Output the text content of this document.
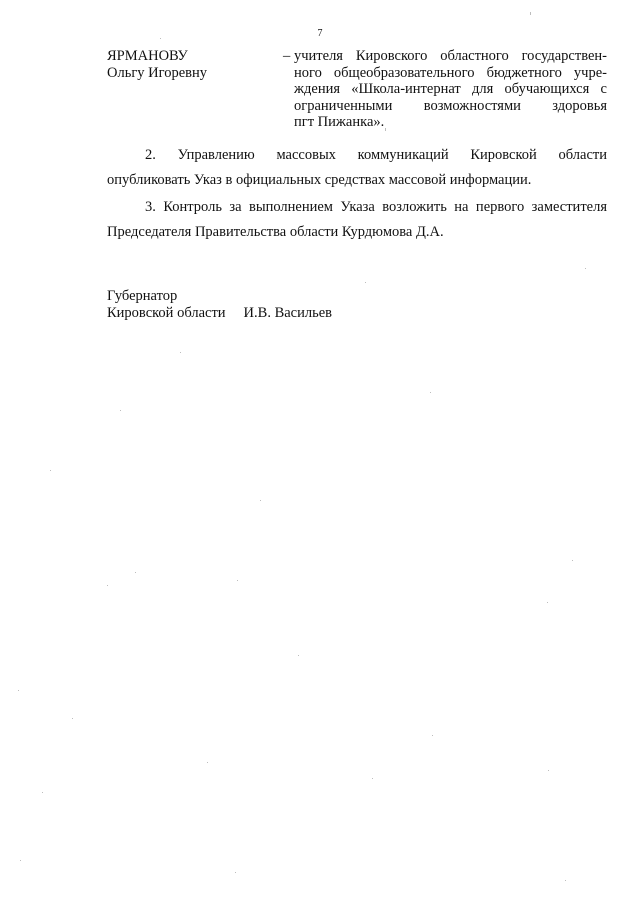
7
ЯРМАНОВУ
Ольгу Игоревну
– учителя Кировского областного государствен-
ного общеобразовательного бюджетного учре-
ждения «Школа-интернат для обучающихся с
ограниченными возможностями здоровья
пгт Пижанка».
2. Управлению массовых коммуникаций Кировской области
опубликовать Указ в официальных средствах массовой информации.
3. Контроль за выполнением Указа возложить на первого заместителя
Председателя Правительства области Курдюмова Д.А.
Губернатор
Кировской области И.В. Васильев
